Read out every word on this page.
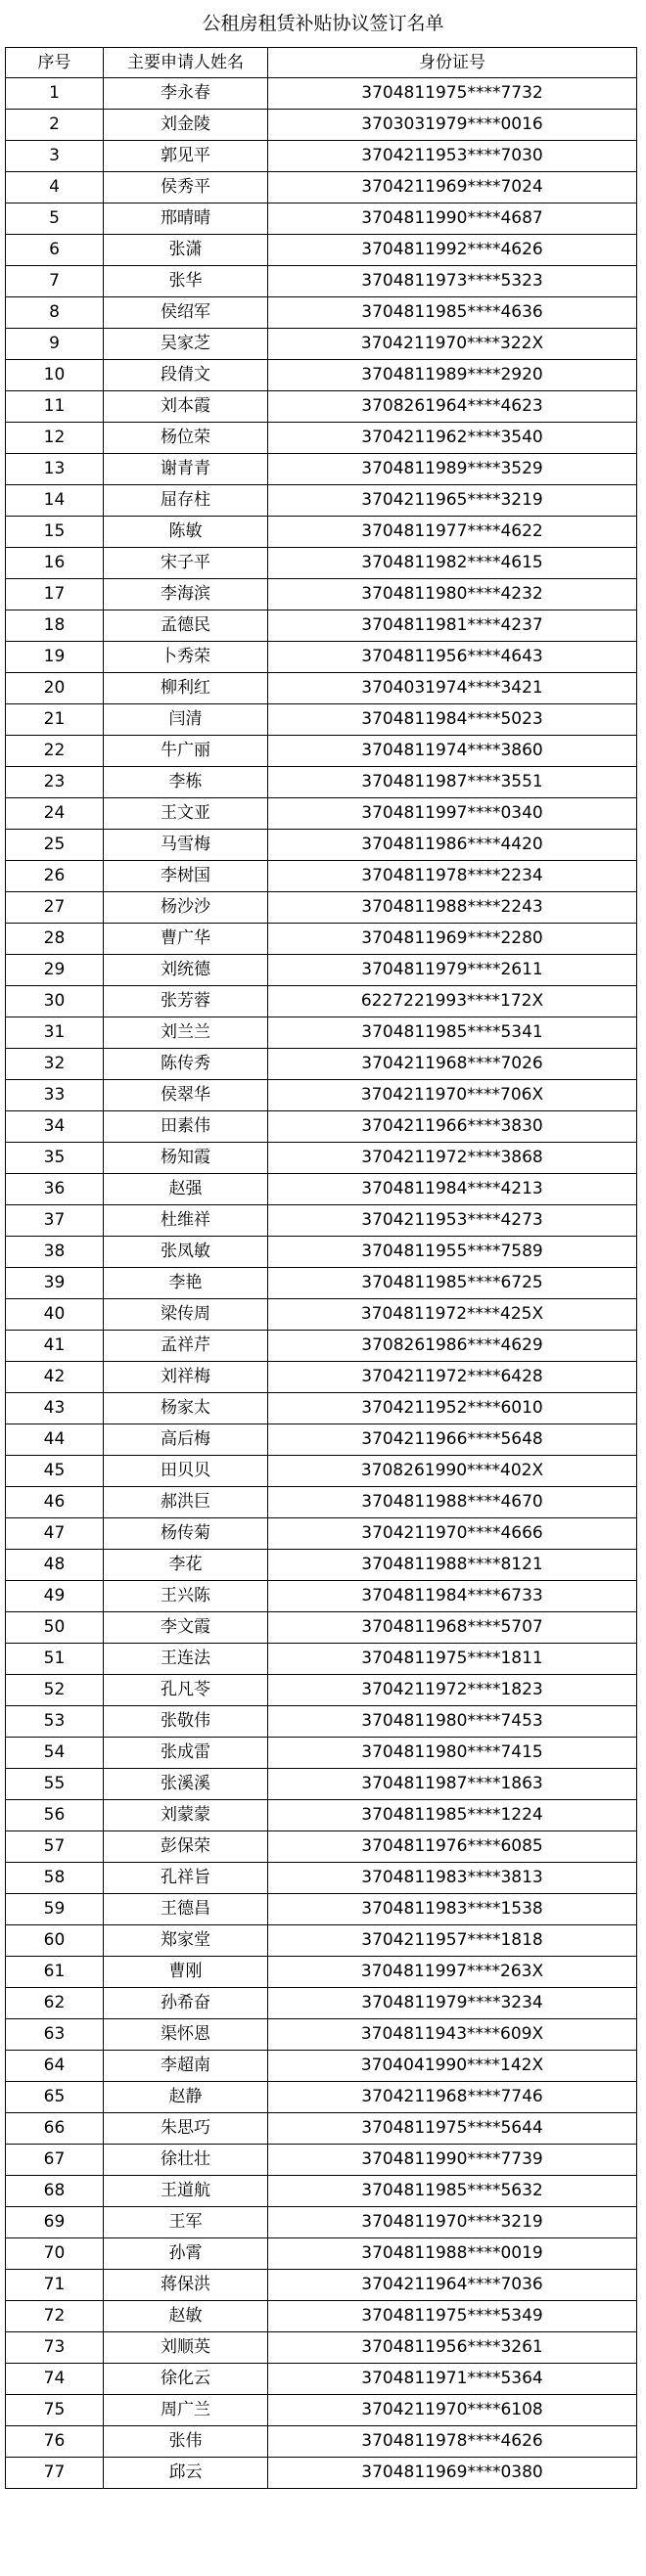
公租房租赁补贴协议签订名单
序号	主要申请人姓名	身份证号
1	李永春	3704811975****7732
2	刘金陵	3703031979****0016
3	郭见平	3704211953****7030
4	侯秀平	3704211969****7024
5	邢晴晴	3704811990****4687
6	张潇	3704811992****4626
7	张华	3704811973****5323
8	侯绍军	3704811985****4636
9	吴家芝	3704211970****322X
10	段倩文	3704811989****2920
11	刘本霞	3708261964****4623
12	杨位荣	3704211962****3540
13	谢青青	3704811989****3529
14	屈存柱	3704211965****3219
15	陈敏	3704811977****4622
16	宋子平	3704811982****4615
17	李海滨	3704811980****4232
18	孟德民	3704811981****4237
19	卜秀荣	3704811956****4643
20	柳利红	3704031974****3421
21	闫清	3704811984****5023
22	牛广丽	3704811974****3860
23	李栋	3704811987****3551
24	王文亚	3704811997****0340
25	马雪梅	3704811986****4420
26	李树国	3704811978****2234
27	杨沙沙	3704811988****2243
28	曹广华	3704811969****2280
29	刘统德	3704811979****2611
30	张芳蓉	6227221993****172X
31	刘兰兰	3704811985****5341
32	陈传秀	3704211968****7026
33	侯翠华	3704211970****706X
34	田素伟	3704211966****3830
35	杨知霞	3704211972****3868
36	赵强	3704811984****4213
37	杜维祥	3704211953****4273
38	张凤敏	3704811955****7589
39	李艳	3704811985****6725
40	梁传周	3704811972****425X
41	孟祥芹	3708261986****4629
42	刘祥梅	3704211972****6428
43	杨家太	3704211952****6010
44	高后梅	3704211966****5648
45	田贝贝	3708261990****402X
46	郝洪巨	3704811988****4670
47	杨传菊	3704211970****4666
48	李花	3704811988****8121
49	王兴陈	3704811984****6733
50	李文霞	3704811968****5707
51	王连法	3704811975****1811
52	孔凡苓	3704211972****1823
53	张敬伟	3704811980****7453
54	张成雷	3704811980****7415
55	张溪溪	3704811987****1863
56	刘蒙蒙	3704811985****1224
57	彭保荣	3704811976****6085
58	孔祥旨	3704811983****3813
59	王德昌	3704811983****1538
60	郑家堂	3704211957****1818
61	曹刚	3704811997****263X
62	孙希奋	3704811979****3234
63	渠怀恩	3704811943****609X
64	李超南	3704041990****142X
65	赵静	3704211968****7746
66	朱思巧	3704811975****5644
67	徐壮壮	3704811990****7739
68	王道航	3704811985****5632
69	王军	3704811970****3219
70	孙霄	3704811988****0019
71	蒋保洪	3704211964****7036
72	赵敏	3704811975****5349
73	刘顺英	3704811956****3261
74	徐化云	3704811971****5364
75	周广兰	3704211970****6108
76	张伟	3704811978****4626
77	邱云	3704811969****0380
